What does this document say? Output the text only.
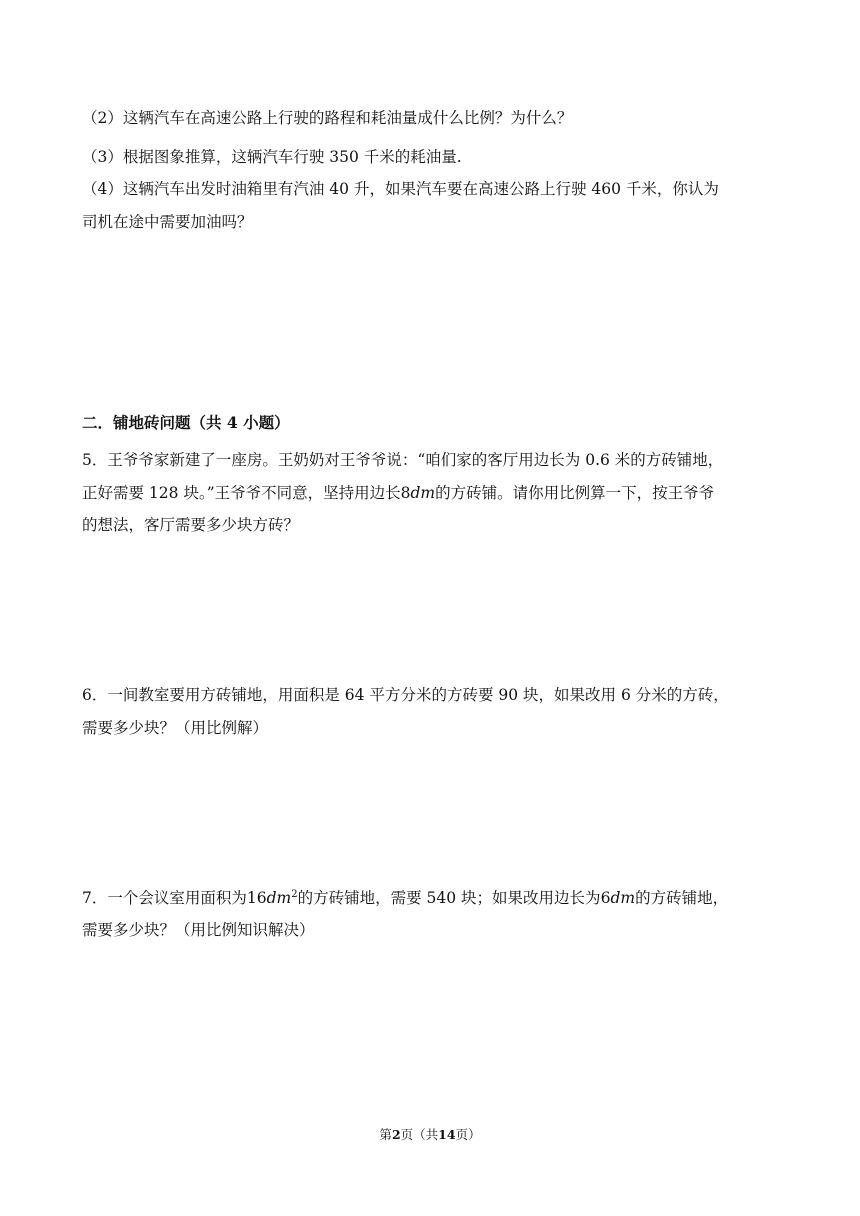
（2）这辆汽车在高速公路上行驶的路程和耗油量成什么比例？为什么？
（3）根据图象推算，这辆汽车行驶 350 千米的耗油量.
（4）这辆汽车出发时油箱里有汽油 40 升，如果汽车要在高速公路上行驶 460 千米，你认为
司机在途中需要加油吗？
二．铺地砖问题（共 4 小题）
5．王爷爷家新建了一座房。王奶奶对王爷爷说：“咱们家的客厅用边长为 0.6 米的方砖铺地，
正好需要 128 块。”王爷爷不同意，坚持用边长8dm的方砖铺。请你用比例算一下，按王爷爷
的想法，客厅需要多少块方砖？
6．一间教室要用方砖铺地，用面积是 64 平方分米的方砖要 90 块，如果改用 6 分米的方砖，
需要多少块？（用比例解）
7．一个会议室用面积为$16dm^2$的方砖铺地，需要 540 块；如果改用边长为6dm的方砖铺地，
需要多少块？（用比例知识解决）
第2页（共14页）
